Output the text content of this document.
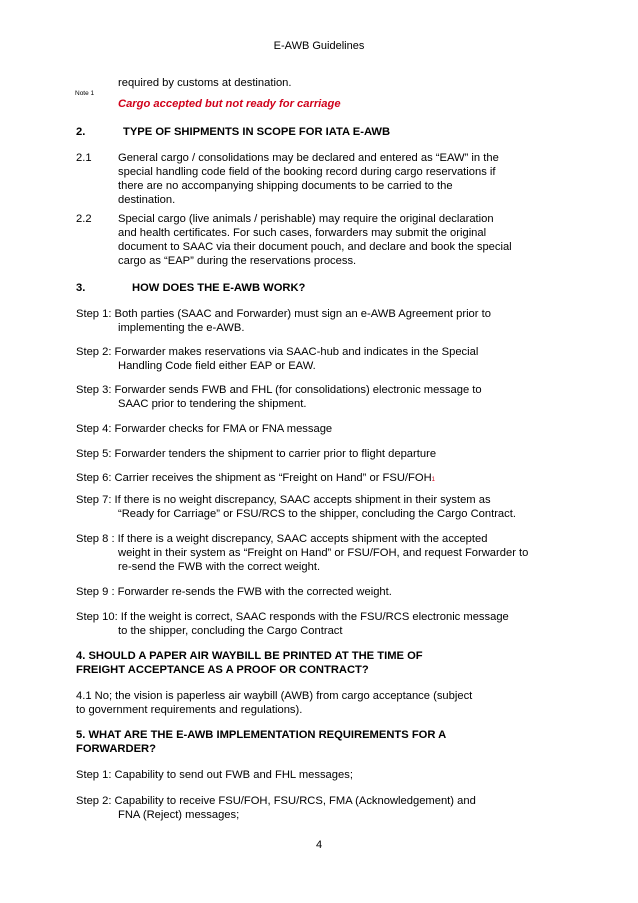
E-AWB Guidelines
required by customs at destination.
Note 1
Cargo accepted but not ready for carriage
2.	TYPE OF SHIPMENTS IN SCOPE FOR IATA E-AWB
2.1 General cargo / consolidations may be declared and entered as “EAW” in the
special handling code field of the booking record during cargo reservations if
there are no accompanying shipping documents to be carried to the
destination.
2.2 Special cargo (live animals / perishable) may require the original declaration
and health certificates. For such cases, forwarders may submit the original
document to SAAC via their document pouch, and declare and book the special
cargo as “EAP” during the reservations process.
3.	HOW DOES THE E-AWB WORK?
Step 1: Both parties (SAAC and Forwarder) must sign an e-AWB Agreement prior to
implementing the e-AWB.
Step 2: Forwarder makes reservations via SAAC-hub and indicates in the Special
Handling Code field either EAP or EAW.
Step 3: Forwarder sends FWB and FHL (for consolidations) electronic message to
SAAC prior to tendering the shipment.
Step 4: Forwarder checks for FMA or FNA message
Step 5: Forwarder tenders the shipment to carrier prior to flight departure
Step 6: Carrier receives the shipment as “Freight on Hand” or FSU/FOH1
Step 7: If there is no weight discrepancy, SAAC accepts shipment in their system as
“Ready for Carriage” or FSU/RCS to the shipper, concluding the Cargo Contract.
Step 8 : If there is a weight discrepancy, SAAC accepts shipment with the accepted
weight in their system as “Freight on Hand” or FSU/FOH, and request Forwarder to
re-send the FWB with the correct weight.
Step 9 : Forwarder re-sends the FWB with the corrected weight.
Step 10: If the weight is correct, SAAC responds with the FSU/RCS electronic message
to the shipper, concluding the Cargo Contract
4. SHOULD A PAPER AIR WAYBILL BE PRINTED AT THE TIME OF
FREIGHT ACCEPTANCE AS A PROOF OR CONTRACT?
4.1 No; the vision is paperless air waybill (AWB) from cargo acceptance (subject
to government requirements and regulations).
5. WHAT ARE THE E-AWB IMPLEMENTATION REQUIREMENTS FOR A
FORWARDER?
Step 1: Capability to send out FWB and FHL messages;
Step 2: Capability to receive FSU/FOH, FSU/RCS, FMA (Acknowledgement) and
FNA (Reject) messages;
4
